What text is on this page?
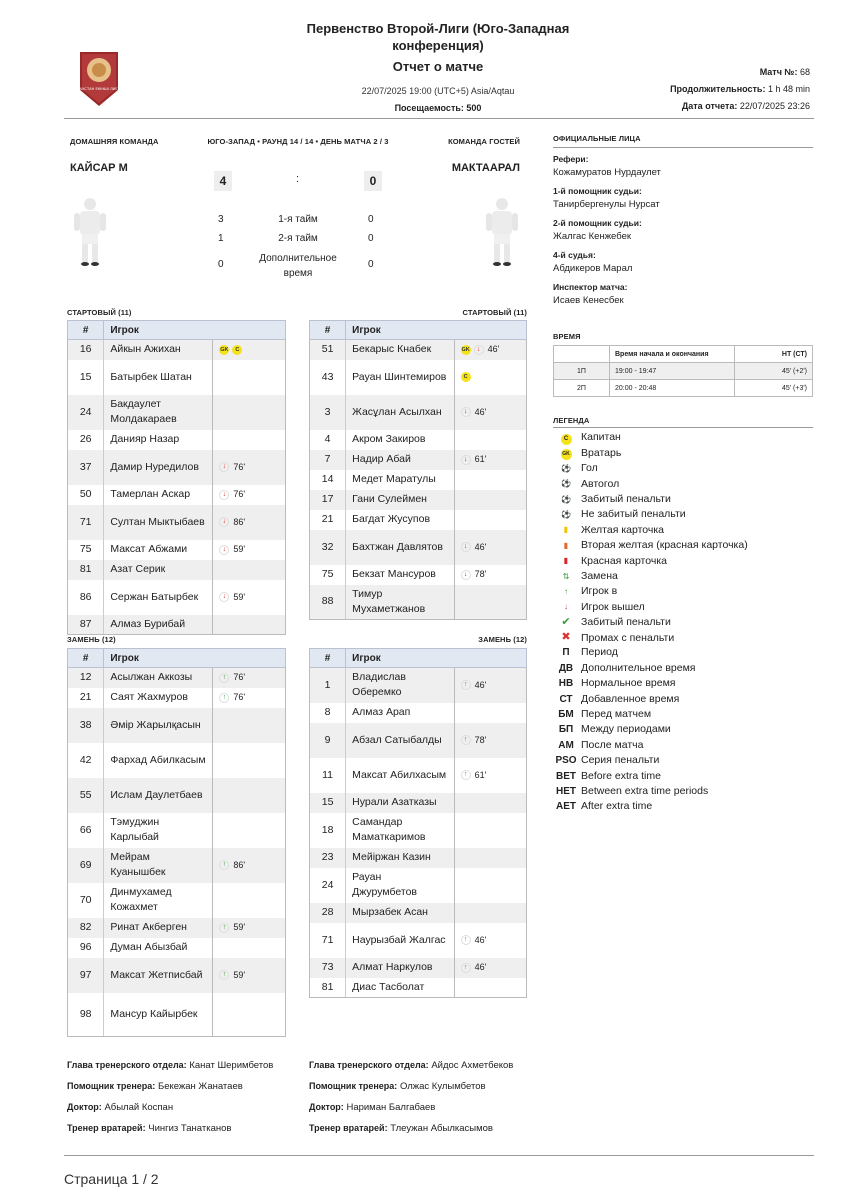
КАЗАХСТАН ЕКІНШІ ЛИГАСЫ
Первенство Второй-Лиги (Юго-Западная конференция)
Отчет о матче
22/07/2025 19:00 (UTC+5) Asia/Aqtau
Посещаемость: 500
Матч №: 68
Продолжительность: 1 h 48 min
Дата отчета: 22/07/2025 23:26
ДОМАШНЯЯ КОМАНДА	ЮГО-ЗАПАД • РАУНД 14 / 14 • ДЕНЬ МАТЧА 2 / 3	КОМАНДА ГОСТЕЙ
КАЙСАР М	МАКТААРАЛ
4	:	0
3	1-я тайм	0
1	2-я тайм	0
0
Дополнительное время
0
СТАРТОВЫЙ (11)	СТАРТОВЫЙ (11)
#	Игрок	
16	Айкын Ажихан	GK C
15	Батырбек Шатан	
24	Бакдаулет Молдакараев	
26	Данияр Назар	
37	Дамир Нуредилов	↓ 76'
50	Тамерлан Аскар	↓ 76'
71	Султан Мыктыбаев	↓ 86'
75	Максат Абжами	↓ 59'
81	Азат Серик	
86	Сержан Батырбек	↓ 59'
87	Алмаз Бурибай	
#	Игрок	
51	Бекарыс Кнабек	GK ↓ 46'
43	Рауан Шинтемиров	C
3	Жасұлан Асылхан	↓ 46'
4	Акром Закиров	
7	Надир Абай	↓ 61'
14	Медет Маратулы	
17	Гани Сулеймен	
21	Багдат Жусупов	
32	Бахтжан Давлятов	↓ 46'
75	Бекзат Мансуров	↓ 78'
88	Тимур Мухаметжанов	
ЗАМЕНЬ (12)	ЗАМЕНЬ (12)
#	Игрок	
12	Асылжан Аккозы	↑ 76'
21	Саят Жахмуров	↑ 76'
38	Әмір Жарылқасын	
42	Фархад Абилкасым	
55	Ислам Даулетбаев	
66	Тэмуджин Карлыбай	
69	Мейрам Куанышбек	↑ 86'
70	Динмухамед Кожахмет	
82	Ринат Акберген	↑ 59'
96	Думан Абызбай	
97	Максат Жетписбай	↑ 59'
98	Мансур Кайырбек	
#	Игрок	
1	Владислав Оберемко	↑ 46'
8	Алмаз Арап	
9	Абзал Сатыбалды	↑ 78'
11	Максат Абилхасым	↑ 61'
15	Нурали Азатказы	
18	Самандар Маматкаримов	
23	Мейіржан Казин	
24	Рауан Джурумбетов	
28	Мырзабек Асан	
71	Наурызбай Жалгас	↑ 46'
73	Алмат Наркулов	↑ 46'
81	Диас Тасболат	
ОФИЦИАЛЬНЫЕ ЛИЦА
Рефери:
Кожамуратов Нурдаулет
1-й помощник судьи:
Танирбергенулы Нурсат
2-й помощник судьи:
Жалгас Кенжебек
4-й судья:
Абдикеров Марал
Инспектор матча:
Исаев Кенесбек
ВРЕМЯ
	Время начала и окончания	НТ (СТ)
1П	19:00 - 19:47	45' (+2')
2П	20:00 - 20:48	45' (+3')
ЛЕГЕНДА
C Капитан
GK Вратарь
⚽ Гол
⚽ Автогол
⚽ Забитый пенальти
⚽ Не забитый пенальти
▮ Желтая карточка
▮ Вторая желтая (красная карточка)
▮ Красная карточка
⇅ Замена
↑ Игрок в
↓ Игрок вышел
✔ Забитый пенальти
✖ Промах с пенальти
П Период
ДВ Дополнительное время
НВ Нормальное время
СТ Добавленное время
БМ Перед матчем
БП Между периодами
АМ После матча
PSO Серия пенальти
BET Before extra time
HET Between extra time periods
AET After extra time
Глава тренерского отдела: Канат Шеримбетов
Помощник тренера: Бекежан Жанатаев
Доктор: Абылай Коспан
Тренер вратарей: Чингиз Танатканов
Глава тренерского отдела: Айдос Ахметбеков
Помощник тренера: Олжас Кулымбетов
Доктор: Нариман Балгабаев
Тренер вратарей: Тлеужан Абылкасымов
Страница 1 / 2
